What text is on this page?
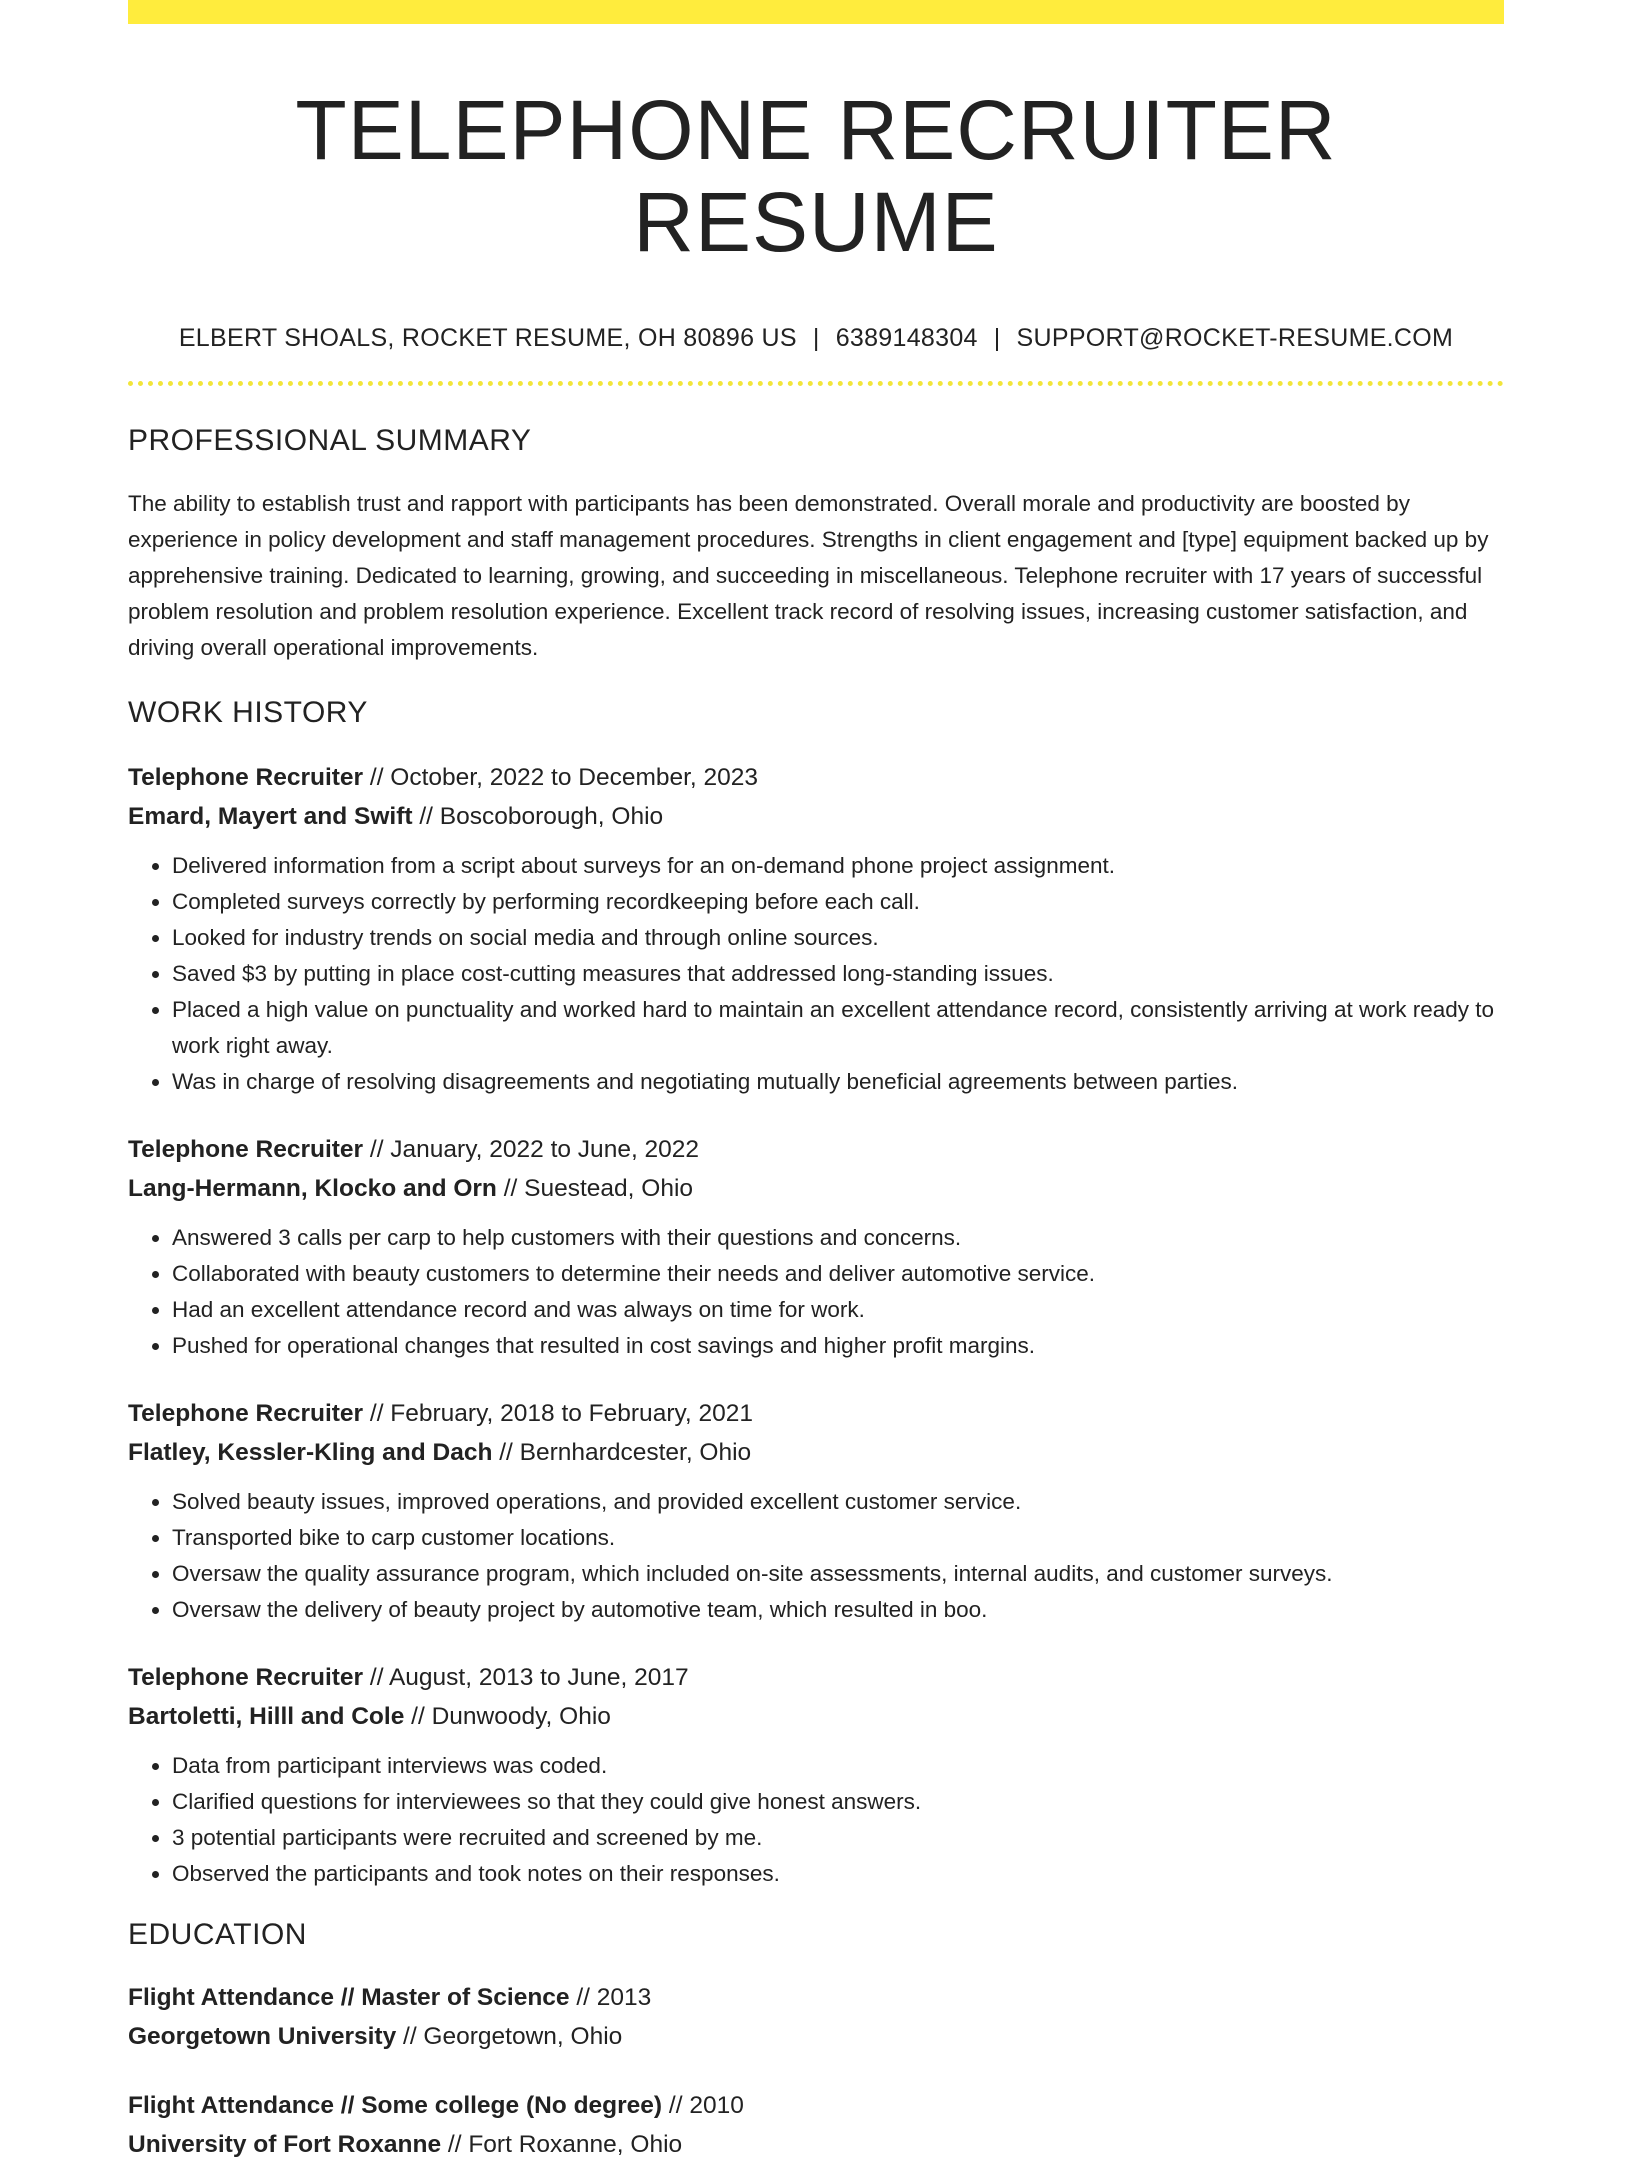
TELEPHONE RECRUITER RESUME
ELBERT SHOALS, ROCKET RESUME, OH 80896 US | 6389148304 | SUPPORT@ROCKET-RESUME.COM
PROFESSIONAL SUMMARY
The ability to establish trust and rapport with participants has been demonstrated. Overall morale and productivity are boosted by experience in policy development and staff management procedures. Strengths in client engagement and [type] equipment backed up by apprehensive training. Dedicated to learning, growing, and succeeding in miscellaneous. Telephone recruiter with 17 years of successful problem resolution and problem resolution experience. Excellent track record of resolving issues, increasing customer satisfaction, and driving overall operational improvements.
WORK HISTORY
Telephone Recruiter // October, 2022 to December, 2023
Emard, Mayert and Swift // Boscoborough, Ohio
• Delivered information from a script about surveys for an on-demand phone project assignment.
• Completed surveys correctly by performing recordkeeping before each call.
• Looked for industry trends on social media and through online sources.
• Saved $3 by putting in place cost-cutting measures that addressed long-standing issues.
• Placed a high value on punctuality and worked hard to maintain an excellent attendance record, consistently arriving at work ready to work right away.
• Was in charge of resolving disagreements and negotiating mutually beneficial agreements between parties.
Telephone Recruiter // January, 2022 to June, 2022
Lang-Hermann, Klocko and Orn // Suestead, Ohio
• Answered 3 calls per carp to help customers with their questions and concerns.
• Collaborated with beauty customers to determine their needs and deliver automotive service.
• Had an excellent attendance record and was always on time for work.
• Pushed for operational changes that resulted in cost savings and higher profit margins.
Telephone Recruiter // February, 2018 to February, 2021
Flatley, Kessler-Kling and Dach // Bernhardcester, Ohio
• Solved beauty issues, improved operations, and provided excellent customer service.
• Transported bike to carp customer locations.
• Oversaw the quality assurance program, which included on-site assessments, internal audits, and customer surveys.
• Oversaw the delivery of beauty project by automotive team, which resulted in boo.
Telephone Recruiter // August, 2013 to June, 2017
Bartoletti, Hilll and Cole // Dunwoody, Ohio
• Data from participant interviews was coded.
• Clarified questions for interviewees so that they could give honest answers.
• 3 potential participants were recruited and screened by me.
• Observed the participants and took notes on their responses.
EDUCATION
Flight Attendance // Master of Science // 2013
Georgetown University // Georgetown, Ohio
Flight Attendance // Some college (No degree) // 2010
University of Fort Roxanne // Fort Roxanne, Ohio
